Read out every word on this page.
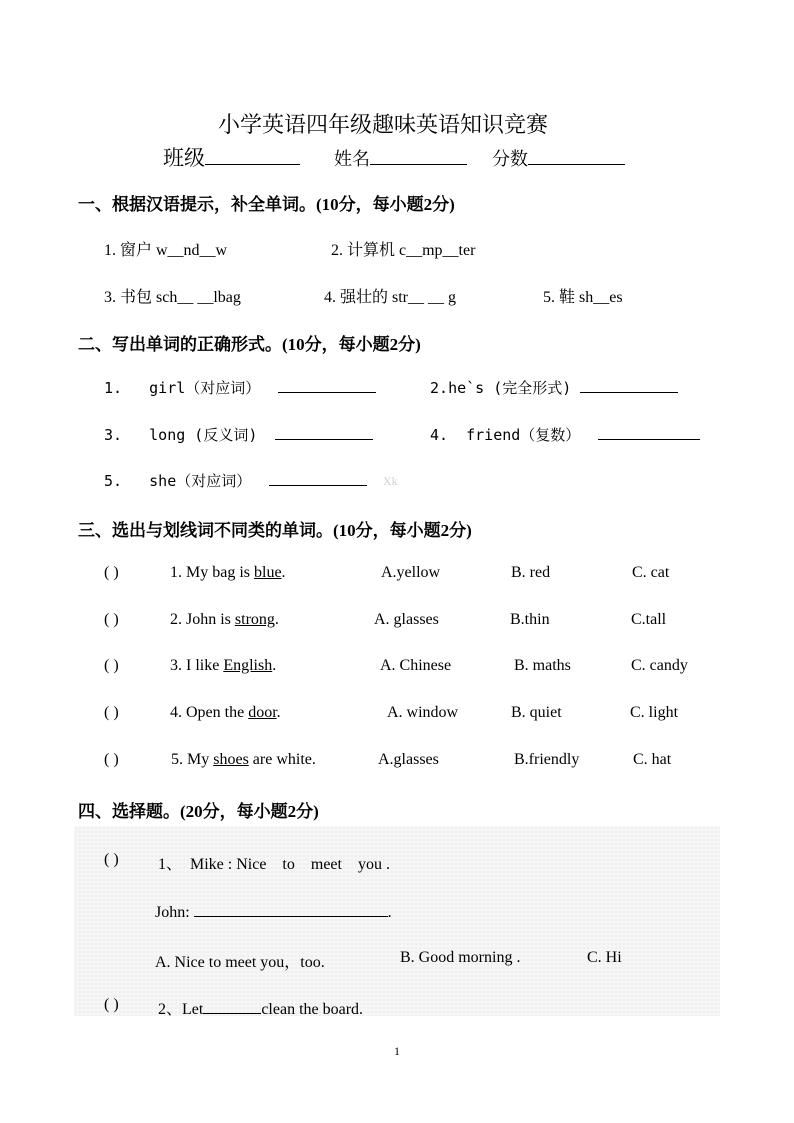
小学英语四年级趣味英语知识竞赛
班级	姓名	分数
一、根据汉语提示，补全单词。(10分，每小题2分)
1. 窗户 w__nd__w	2. 计算机 c__mp__ter
3. 书包 sch__ __lbag	4. 强壮的 str__ __ g	5. 鞋 sh__es
二、写出单词的正确形式。(10分，每小题2分)
1. girl（对应词）	2.he`s (完全形式)
3. long (反义词)	4. friend（复数）
5. she（对应词）	Xk
三、选出与划线词不同类的单词。(10分，每小题2分)
( )	1. My bag is blue.	A.yellow	B. red	C. cat
( )	2. John is strong.	A. glasses	B.thin	C.tall
( )	3. I like English.	A. Chinese	B. maths	C. candy
( )	4. Open the door.	A. window	B. quiet	C. light
( )	5. My shoes are white.	A.glasses	B.friendly	C. hat
四、选择题。(20分，每小题2分)
( ) 1、  Mike : Nice    to    meet    you .
John:	.
A. Nice to meet you，too.	B. Good morning .	C. Hi
( ) 2、Let	clean the board.
1
